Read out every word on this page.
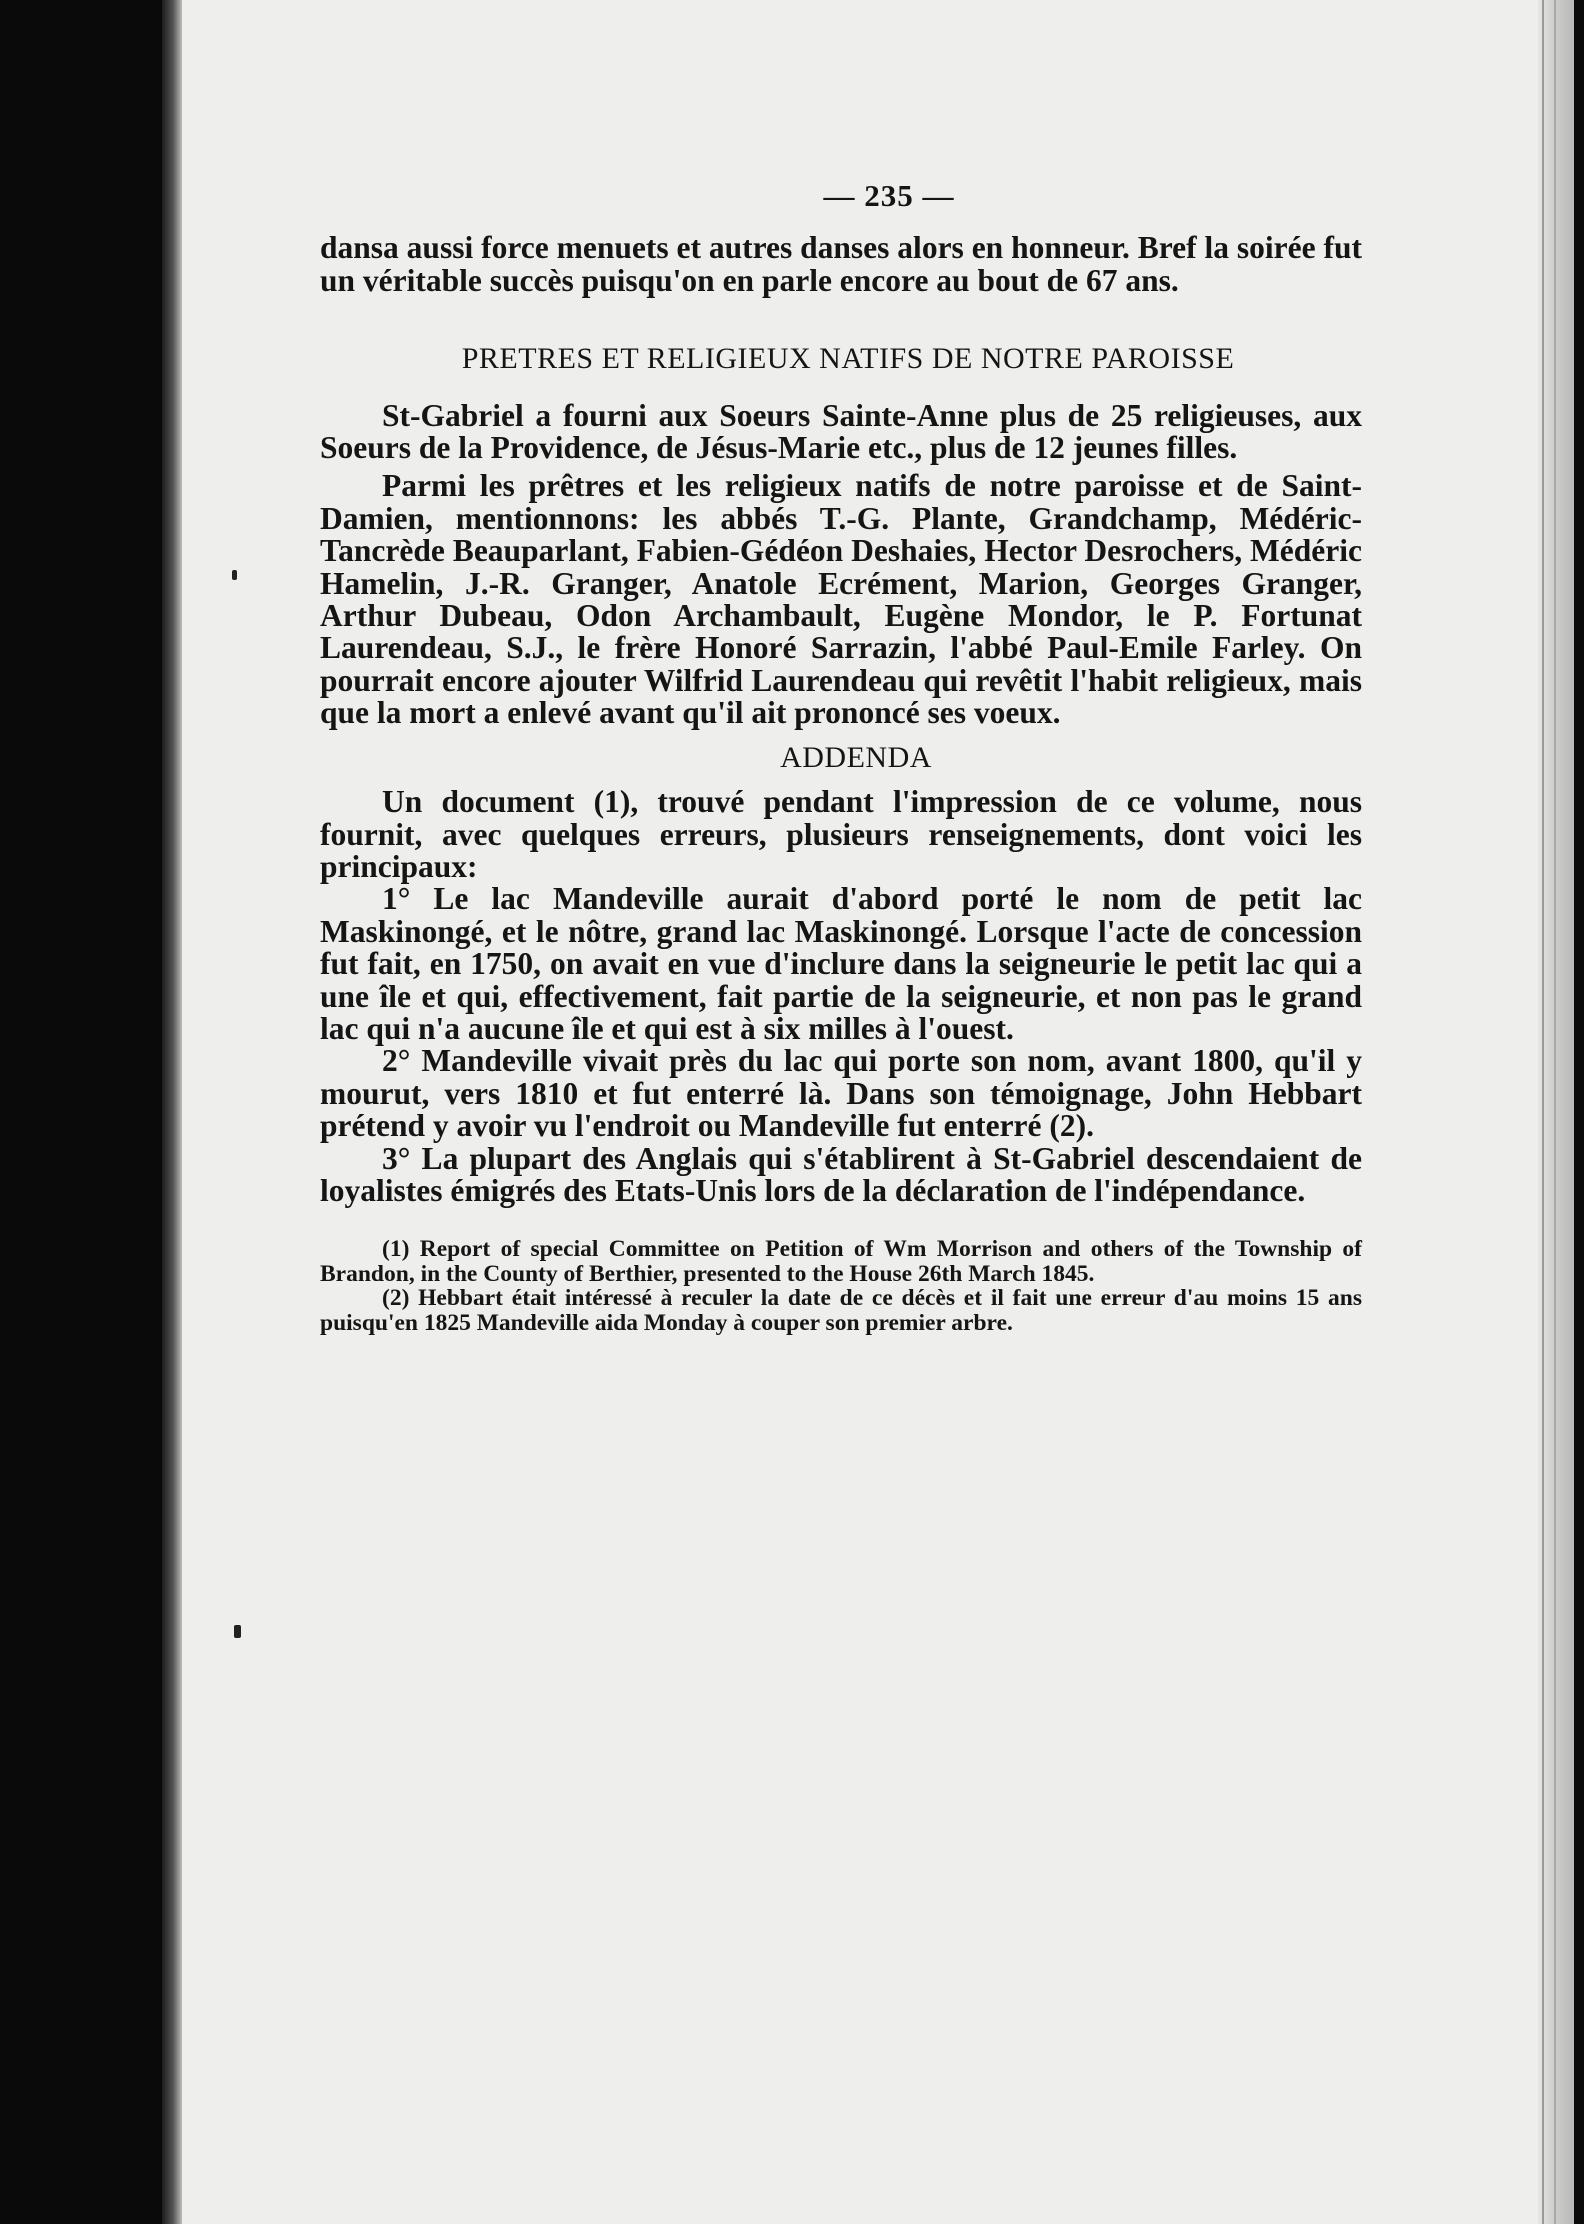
— 235 —

dansa aussi force menuets et autres danses alors en honneur. Bref la soirée fut un véritable succès puisqu'on en parle encore au bout de 67 ans.

PRETRES ET RELIGIEUX NATIFS DE NOTRE PAROISSE

St-Gabriel a fourni aux Soeurs Sainte-Anne plus de 25 religieuses, aux Soeurs de la Providence, de Jésus-Marie etc., plus de 12 jeunes filles.

Parmi les prêtres et les religieux natifs de notre paroisse et de Saint-Damien, mentionnons: les abbés T.-G. Plante, Grandchamp, Médéric-Tancrède Beauparlant, Fabien-Gédéon Deshaies, Hector Desrochers, Médéric Hamelin, J.-R. Granger, Anatole Ecrément, Marion, Georges Granger, Arthur Dubeau, Odon Archambault, Eugène Mondor, le P. Fortunat Laurendeau, S.J., le frère Honoré Sarrazin, l'abbé Paul-Emile Farley. On pourrait encore ajouter Wilfrid Laurendeau qui revêtit l'habit religieux, mais que la mort a enlevé avant qu'il ait prononcé ses voeux.

ADDENDA

Un document (1), trouvé pendant l'impression de ce volume, nous fournit, avec quelques erreurs, plusieurs renseignements, dont voici les principaux:

1° Le lac Mandeville aurait d'abord porté le nom de petit lac Maskinongé, et le nôtre, grand lac Maskinongé. Lorsque l'acte de concession fut fait, en 1750, on avait en vue d'inclure dans la seigneurie le petit lac qui a une île et qui, effectivement, fait partie de la seigneurie, et non pas le grand lac qui n'a aucune île et qui est à six milles à l'ouest.

2° Mandeville vivait près du lac qui porte son nom, avant 1800, qu'il y mourut, vers 1810 et fut enterré là. Dans son témoignage, John Hebbart prétend y avoir vu l'endroit ou Mandeville fut enterré (2).

3° La plupart des Anglais qui s'établirent à St-Gabriel descendaient de loyalistes émigrés des Etats-Unis lors de la déclaration de l'indépendance.

(1) Report of special Committee on Petition of Wm Morrison and others of the Township of Brandon, in the County of Berthier, presented to the House 26th March 1845.

(2) Hebbart était intéressé à reculer la date de ce décès et il fait une erreur d'au moins 15 ans puisqu'en 1825 Mandeville aida Monday à couper son premier arbre.
